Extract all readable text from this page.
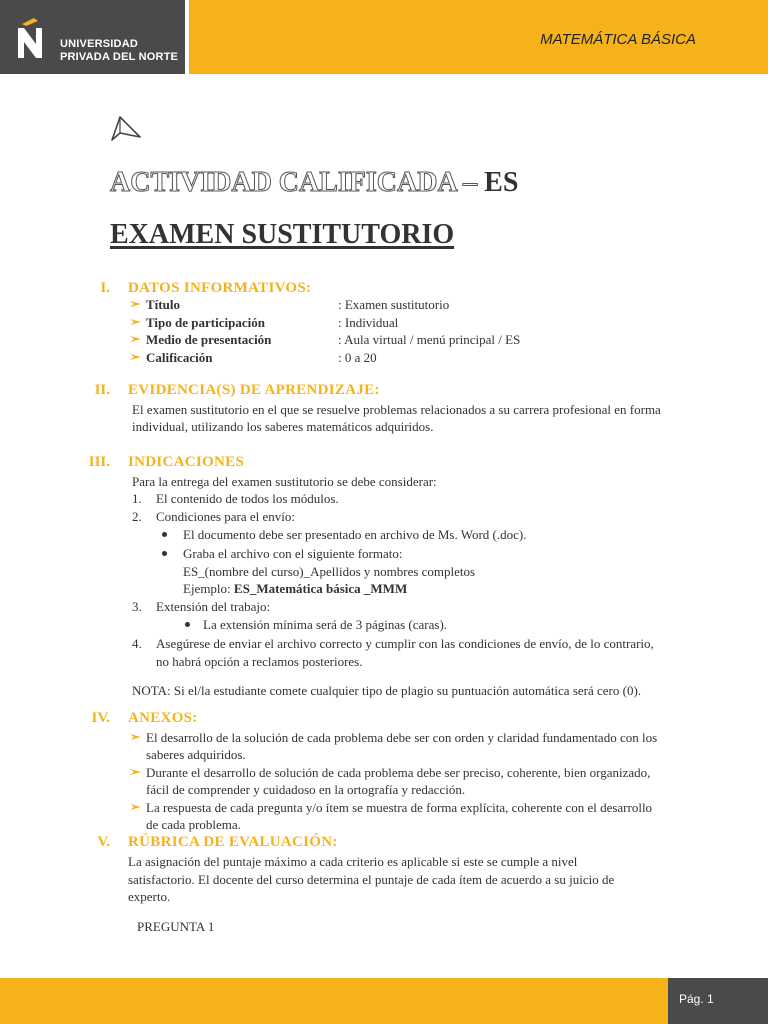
UNIVERSIDAD
PRIVADA DEL NORTE
MATEMÁTICA BÁSICA
ACTIVIDAD CALIFICADA – ES
EXAMEN SUSTITUTORIO
I. DATOS INFORMATIVOS:
Título	: Examen sustitutorio
Tipo de participación	: Individual
Medio de presentación	: Aula virtual / menú principal / ES
Calificación	: 0 a 20
II. EVIDENCIA(S) DE APRENDIZAJE:
El examen sustitutorio en el que se resuelve problemas relacionados a su carrera profesional en forma
individual, utilizando los saberes matemáticos adquiridos.
III. INDICACIONES
Para la entrega del examen sustitutorio se debe considerar:
1. El contenido de todos los módulos.
2. Condiciones para el envío:
El documento debe ser presentado en archivo de Ms. Word (.doc).
Graba el archivo con el siguiente formato:
ES_(nombre del curso)_Apellidos y nombres completos
Ejemplo: ES_Matemática básica _MMM
3. Extensión del trabajo:
La extensión mínima será de 3 páginas (caras).
4. Asegúrese de enviar el archivo correcto y cumplir con las condiciones de envío, de lo contrario,
no habrá opción a reclamos posteriores.
NOTA: Si el/la estudiante comete cualquier tipo de plagio su puntuación automática será cero (0).
IV. ANEXOS:
El desarrollo de la solución de cada problema debe ser con orden y claridad fundamentado con los
saberes adquiridos.
Durante el desarrollo de solución de cada problema debe ser preciso, coherente, bien organizado,
fácil de comprender y cuidadoso en la ortografía y redacción.
La respuesta de cada pregunta y/o ítem se muestra de forma explícita, coherente con el desarrollo
de cada problema.
V. RÚBRICA DE EVALUACIÓN:
La asignación del puntaje máximo a cada criterio es aplicable si este se cumple a nivel
satisfactorio. El docente del curso determina el puntaje de cada ítem de acuerdo a su juicio de
experto.
PREGUNTA 1
Pág. 1
